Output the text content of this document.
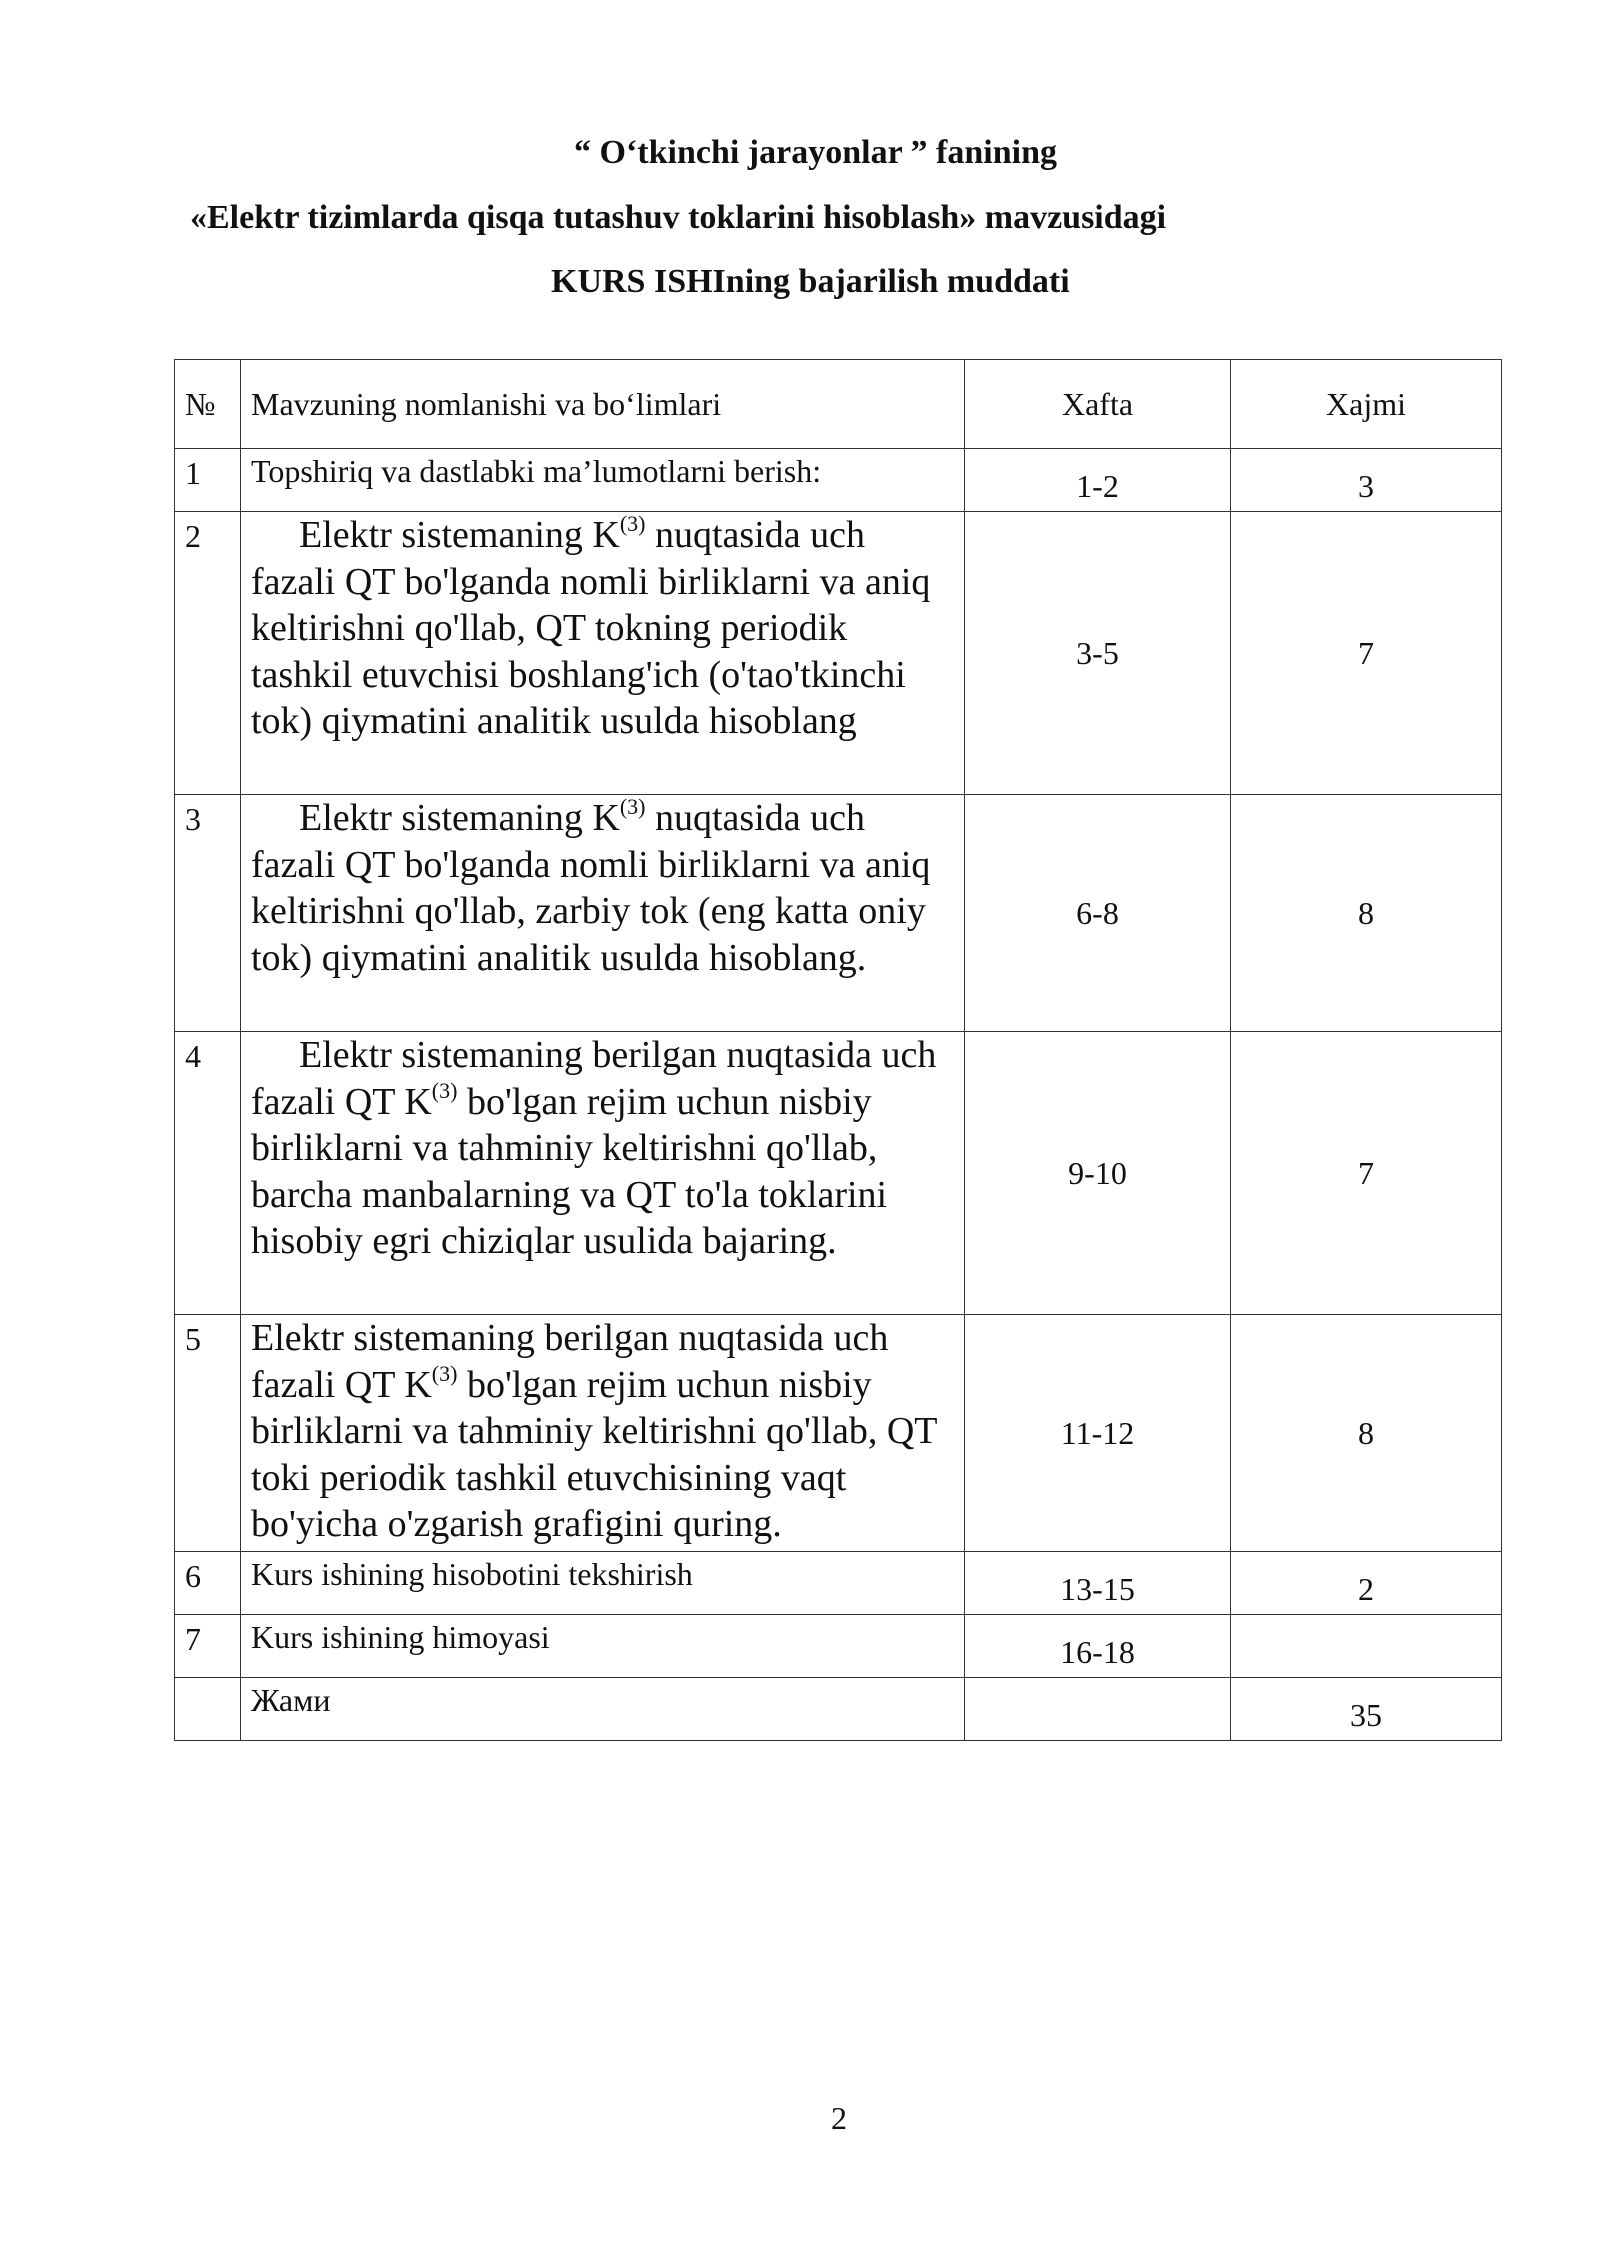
“ O‘tkinchi jarayonlar ” fanining
«Elektr tizimlarda qisqa tutashuv toklarini hisoblash» mavzusidagi
KURS ISHIning bajarilish muddati
№	Mavzuning nomlanishi va bo‘limlari	Xafta	Xajmi
1	Topshiriq va dastlabki ma’lumotlarni berish:	1-2	3
2	Elektr sistemaning $K^{(3)}$ nuqtasida uch fazali QT bo'lganda nomli birliklarni va aniq keltirishni qo'llab, QT tokning periodik tashkil etuvchisi boshlang'ich (o'tao'tkinchi tok) qiymatini analitik usulda hisoblang	3-5	7
3	Elektr sistemaning $K^{(3)}$ nuqtasida uch fazali QT bo'lganda nomli birliklarni va aniq keltirishni qo'llab, zarbiy tok (eng katta oniy tok) qiymatini analitik usulda hisoblang.	6-8	8
4	Elektr sistemaning berilgan nuqtasida uch fazali QT $K^{(3)}$ bo'lgan rejim uchun nisbiy birliklarni va tahminiy keltirishni qo'llab, barcha manbalarning va QT to'la toklarini hisobiy egri chiziqlar usulida bajaring.	9-10	7
5	Elektr sistemaning berilgan nuqtasida uch fazali QT $K^{(3)}$ bo'lgan rejim uchun nisbiy birliklarni va tahminiy keltirishni qo'llab, QT toki periodik tashkil etuvchisining vaqt bo'yicha o'zgarish grafigini quring.	11-12	8
6	Kurs ishining hisobotini tekshirish	13-15	2
7	Kurs ishining himoyasi	16-18	
	Жами		35
2
